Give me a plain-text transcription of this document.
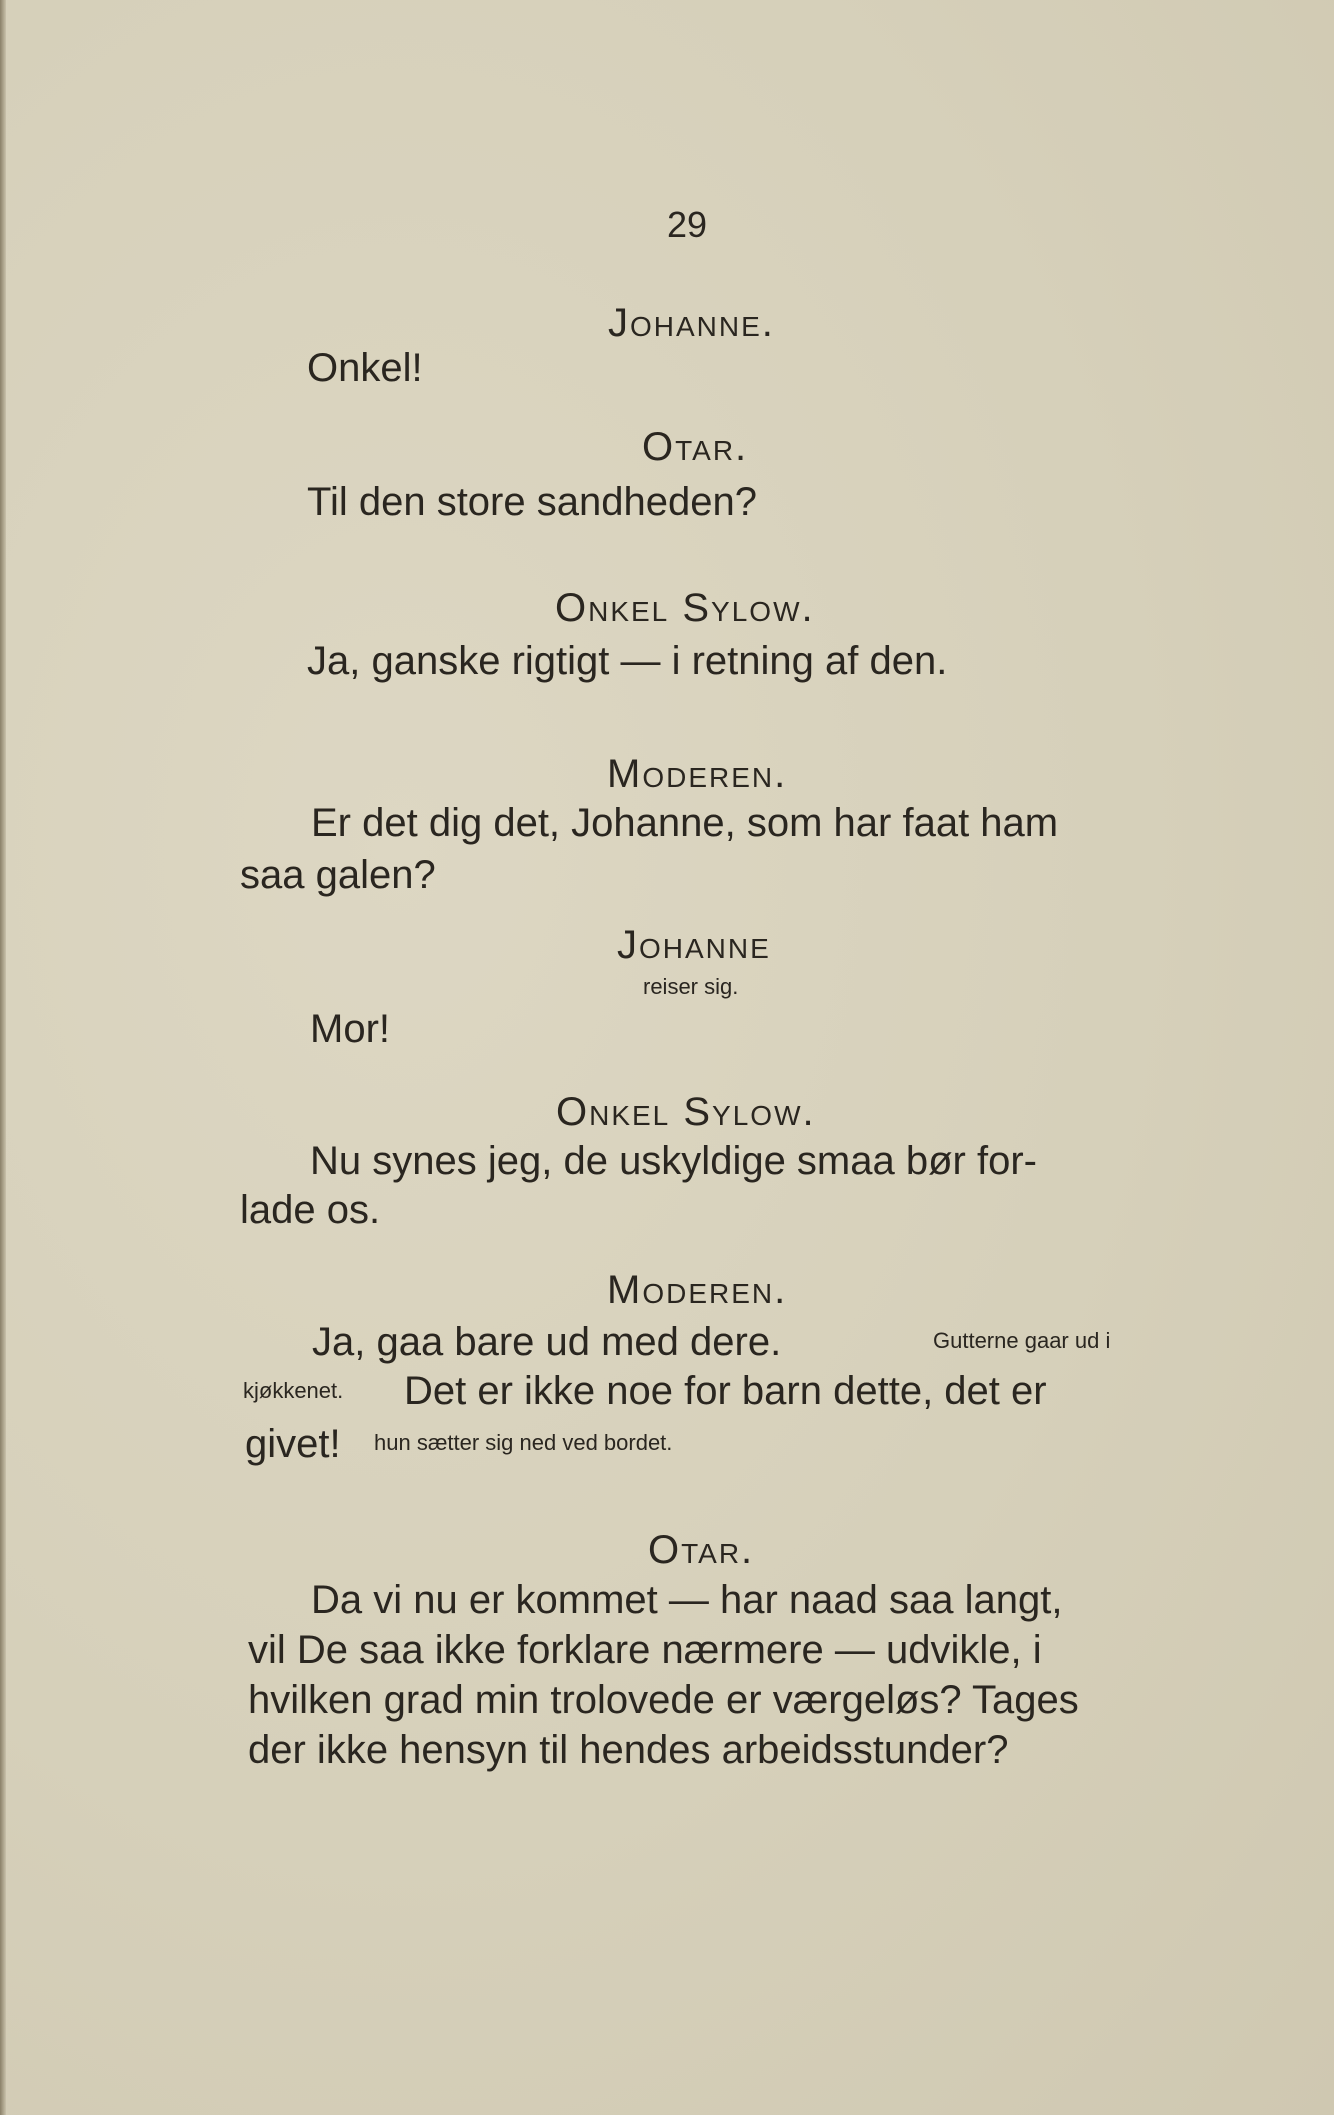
29
Johanne.
Onkel!
Otar.
Til den store sandheden?
Onkel Sylow.
Ja, ganske rigtigt — i retning af den.
Moderen.
Er det dig det, Johanne, som har faat ham
saa galen?
Johanne
reiser sig.
Mor!
Onkel Sylow.
Nu synes jeg, de uskyldige smaa bør for-
lade os.
Moderen.
Ja, gaa bare ud med dere.	Gutterne gaar ud i
kjøkkenet. Det er ikke noe for barn dette, det er
givet! hun sætter sig ned ved bordet.
Otar.
Da vi nu er kommet — har naad saa langt,
vil De saa ikke forklare nærmere — udvikle, i
hvilken grad min trolovede er værgeløs? Tages
der ikke hensyn til hendes arbeidsstunder?
